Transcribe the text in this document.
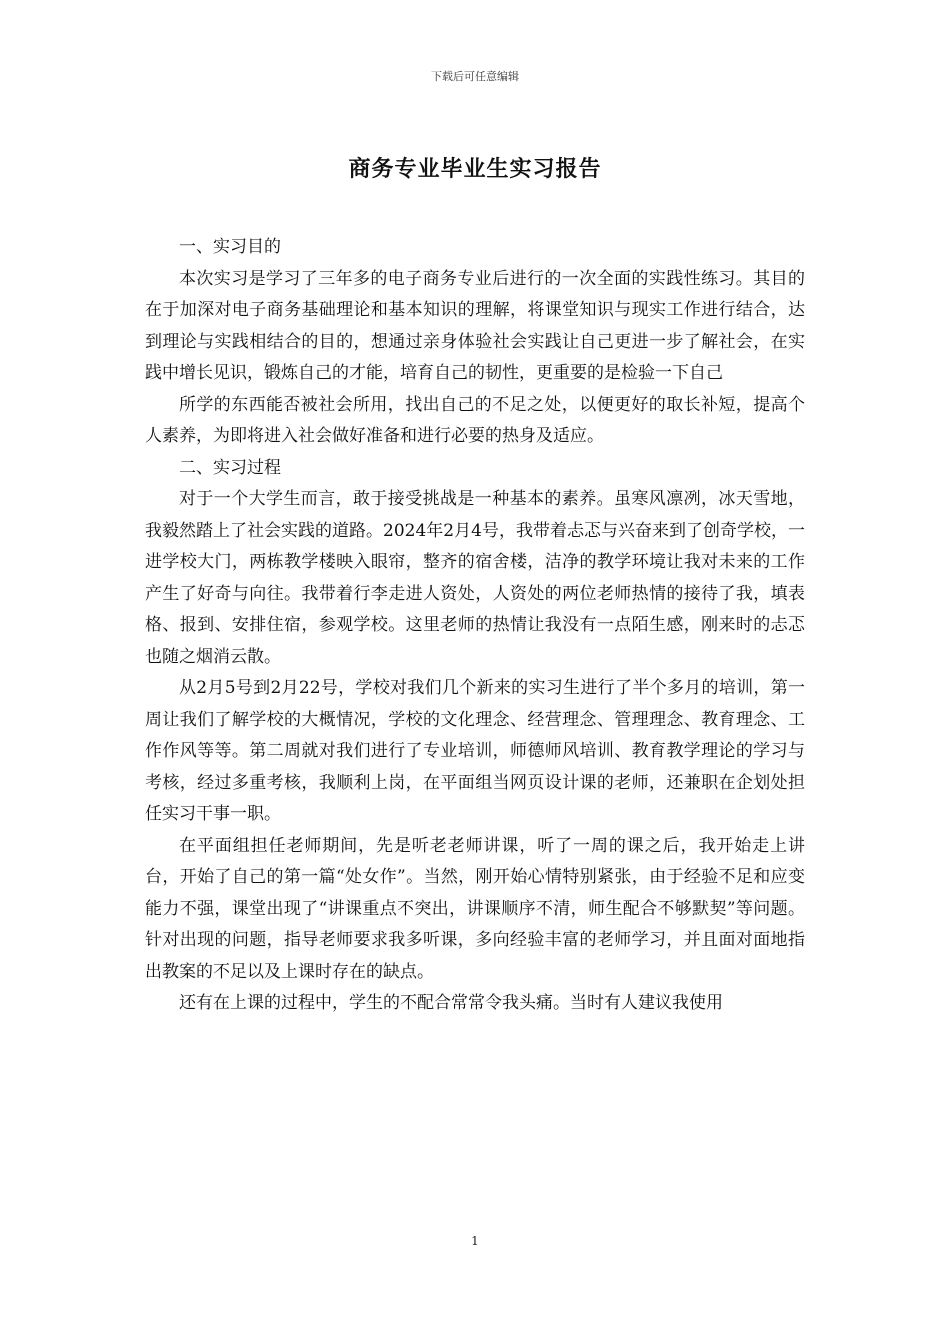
下载后可任意编辑
商务专业毕业生实习报告

一、实习目的

本次实习是学习了三年多的电子商务专业后进行的一次全面的实践性练习。其目的在于加深对电子商务基础理论和基本知识的理解，将课堂知识与现实工作进行结合，达到理论与实践相结合的目的，想通过亲身体验社会实践让自己更进一步了解社会，在实践中增长见识，锻炼自己的才能，培育自己的韧性，更重要的是检验一下自己

所学的东西能否被社会所用，找出自己的不足之处，以便更好的取长补短，提高个人素养，为即将进入社会做好准备和进行必要的热身及适应。

二、实习过程

对于一个大学生而言，敢于接受挑战是一种基本的素养。虽寒风凛冽，冰天雪地，我毅然踏上了社会实践的道路。2024年2月4号，我带着忐忑与兴奋来到了创奇学校，一进学校大门，两栋教学楼映入眼帘，整齐的宿舍楼，洁净的教学环境让我对未来的工作产生了好奇与向往。我带着行李走进人资处，人资处的两位老师热情的接待了我，填表格、报到、安排住宿，参观学校。这里老师的热情让我没有一点陌生感，刚来时的忐忑也随之烟消云散。

从2月5号到2月22号，学校对我们几个新来的实习生进行了半个多月的培训，第一周让我们了解学校的大概情况，学校的文化理念、经营理念、管理理念、教育理念、工作作风等等。第二周就对我们进行了专业培训，师德师风培训、教育教学理论的学习与考核，经过多重考核，我顺利上岗，在平面组当网页设计课的老师，还兼职在企划处担任实习干事一职。

在平面组担任老师期间，先是听老老师讲课，听了一周的课之后，我开始走上讲台，开始了自己的第一篇“处女作”。当然，刚开始心情特别紧张，由于经验不足和应变能力不强，课堂出现了“讲课重点不突出，讲课顺序不清，师生配合不够默契”等问题。针对出现的问题，指导老师要求我多听课，多向经验丰富的老师学习，并且面对面地指出教案的不足以及上课时存在的缺点。

还有在上课的过程中，学生的不配合常常令我头痛。当时有人建议我使用

1
